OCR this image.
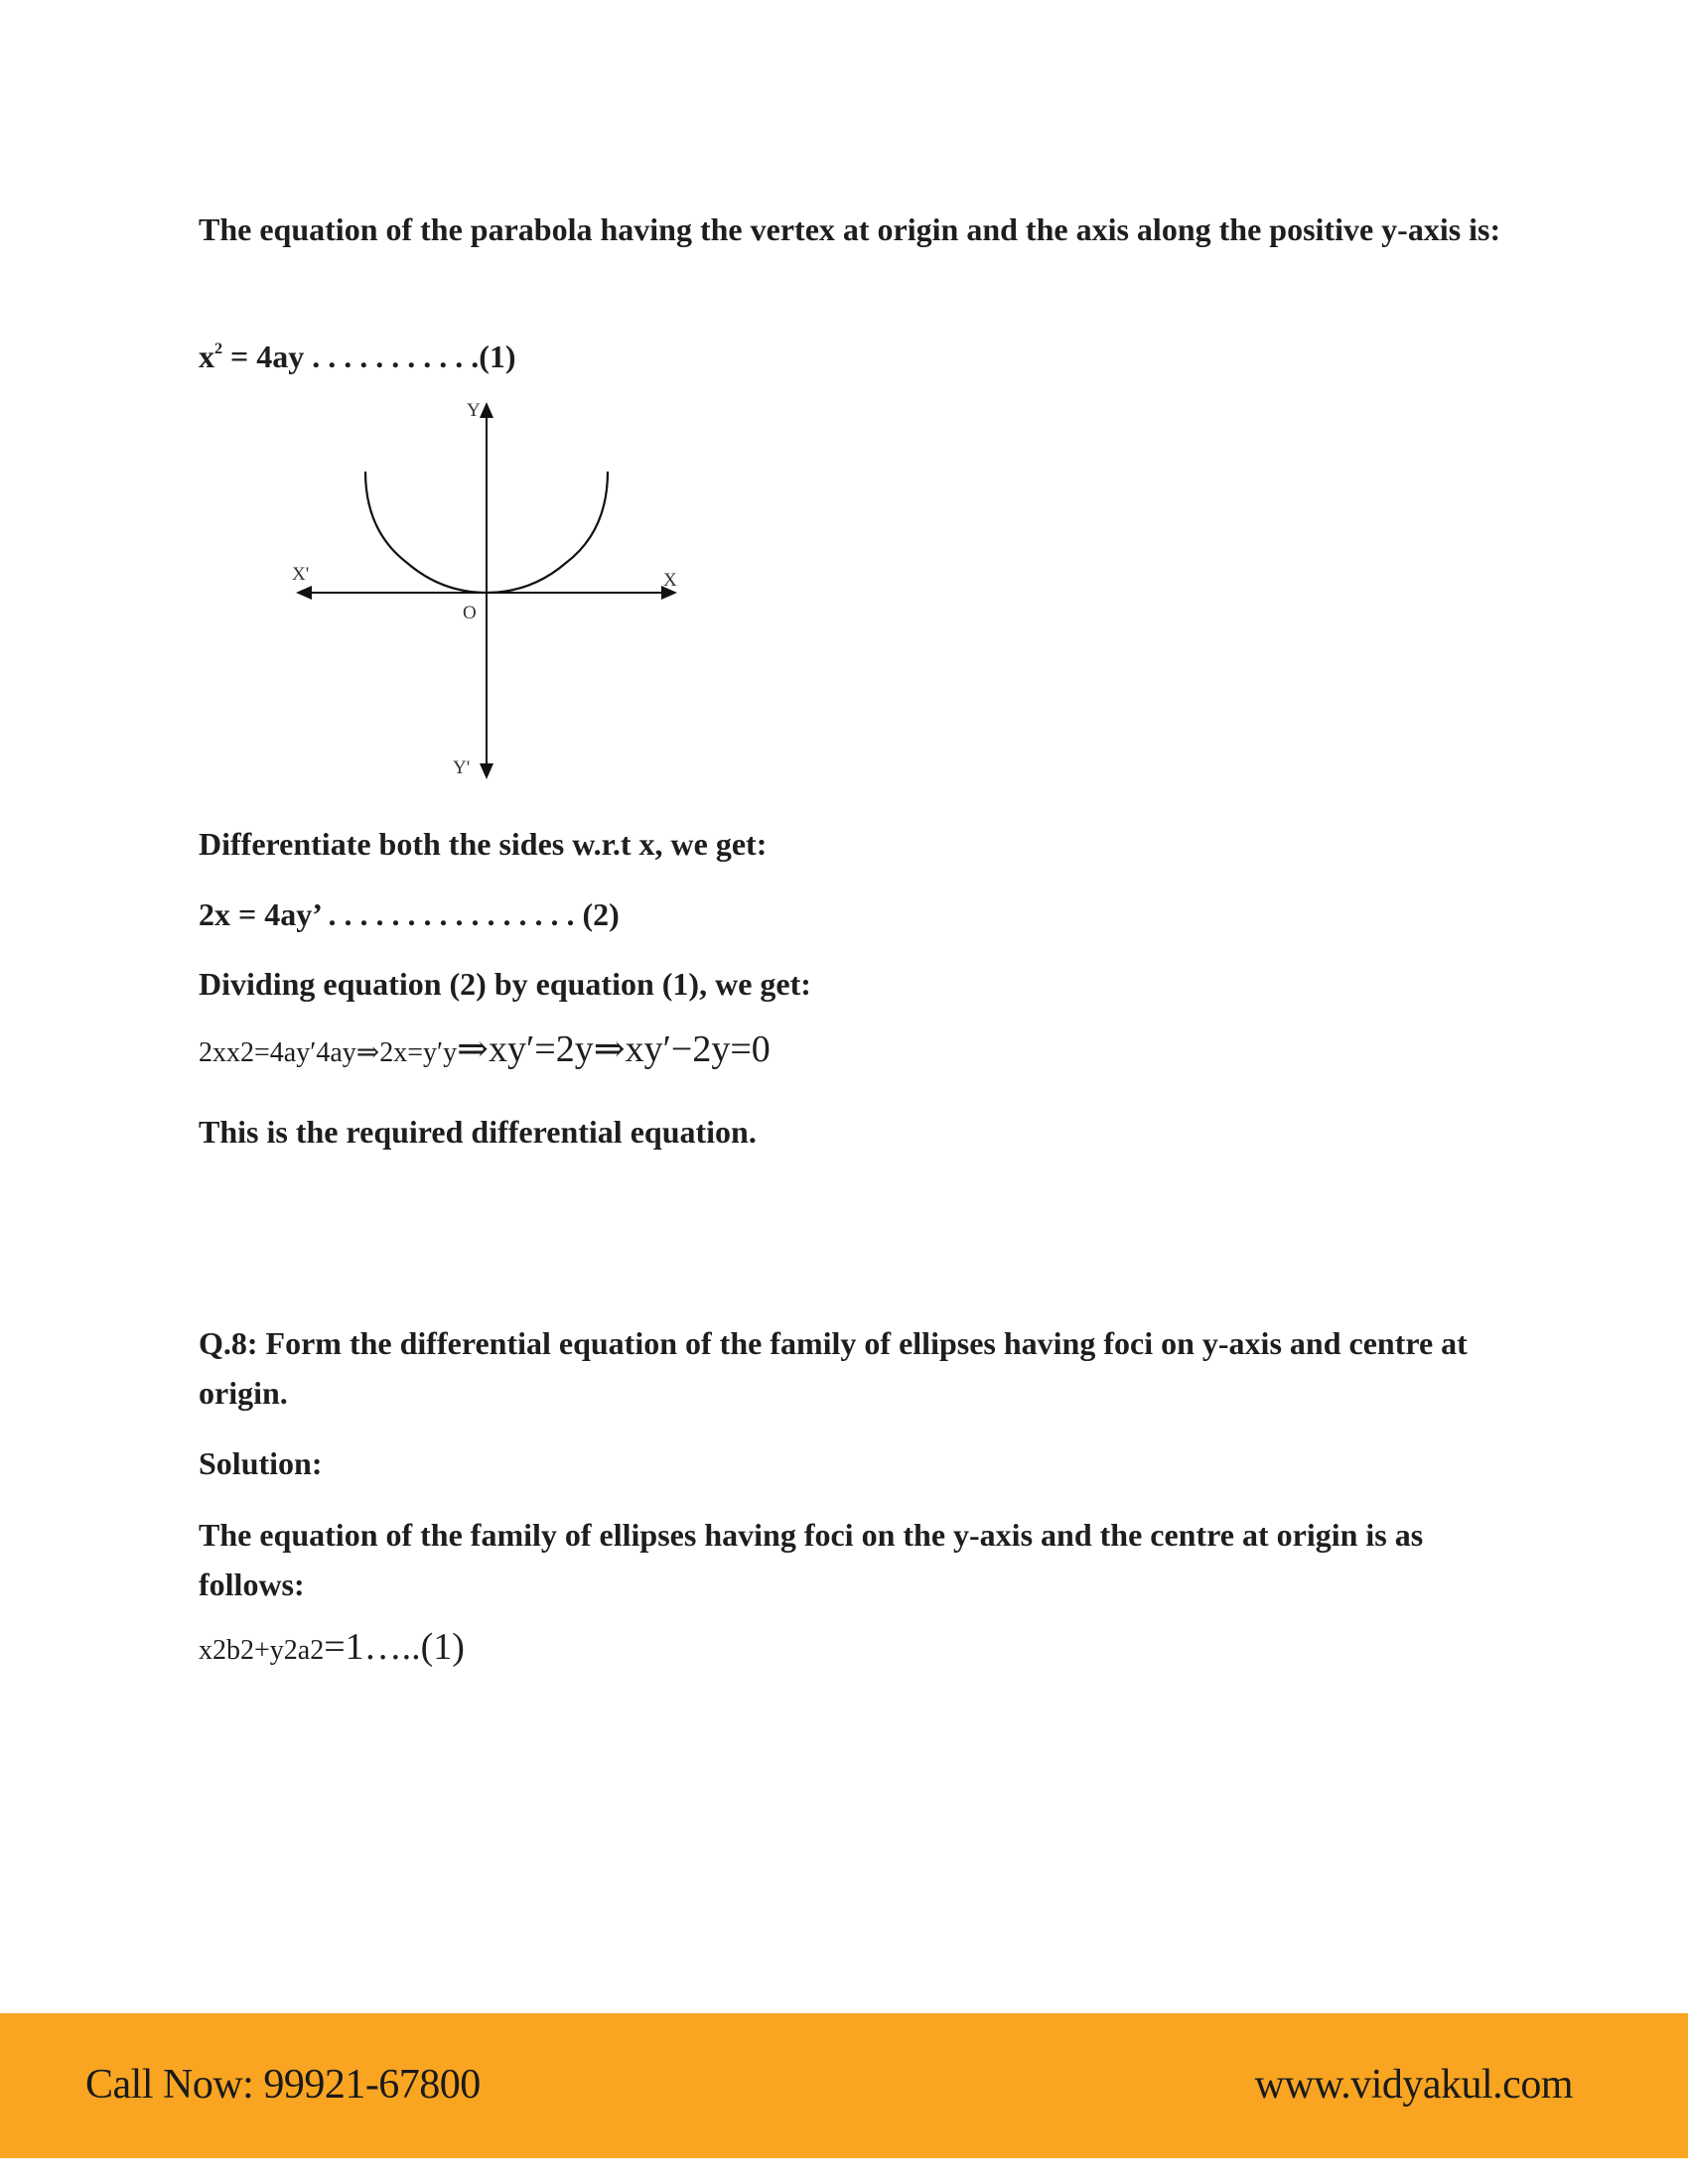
The equation of the parabola having the vertex at origin and the axis along the positive y-axis is:
$x^2 = 4ay$ . . . . . . . . . . .(1)
Differentiate both the sides w.r.t x, we get:
2x = 4ay’ . . . . . . . . . . . . . . . . (2)
Dividing equation (2) by equation (1), we get:
2xx2=4ay′4ay⇒2x=y′y⇒xy′=2y⇒xy′−2y=0
This is the required differential equation.
Q.8: Form the differential equation of the family of ellipses having foci on y-axis and centre at origin.
Solution:
The equation of the family of ellipses having foci on the y-axis and the centre at origin is as follows:
x2b2+y2a2=1…..(1)
Y
Y'
X
X'
O
Call Now: 99921-67800	www.vidyakul.com
